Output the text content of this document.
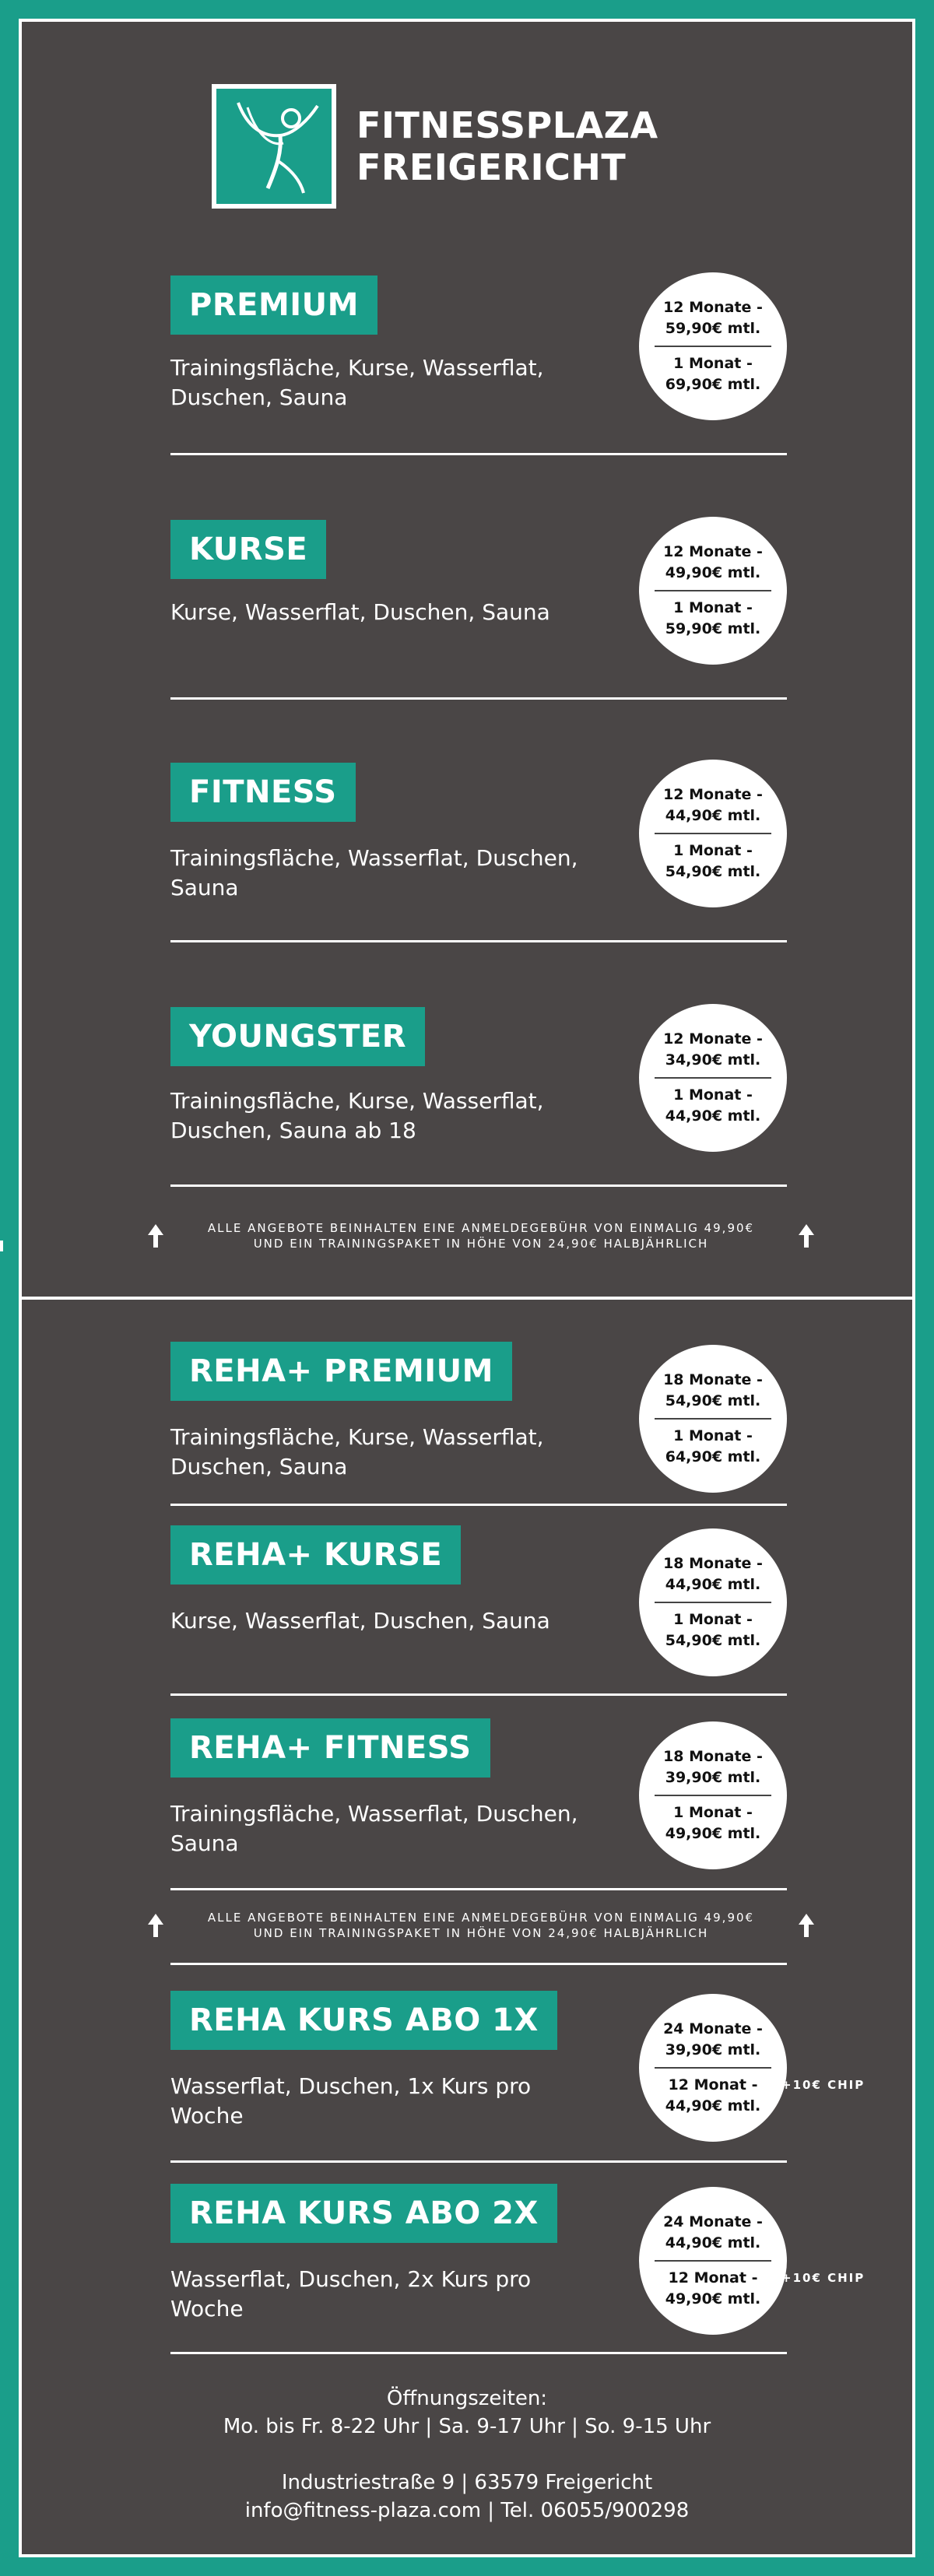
FITNESSPLAZA
FREIGERICHT
PREMIUM
Trainingsfläche, Kurse, Wasserflat, Duschen, Sauna
12 Monate - 59,90€ mtl.
1 Monat - 69,90€ mtl.
KURSE
Kurse, Wasserflat, Duschen, Sauna
12 Monate - 49,90€ mtl.
1 Monat - 59,90€ mtl.
FITNESS
Trainingsfläche, Wasserflat, Duschen, Sauna
12 Monate - 44,90€ mtl.
1 Monat - 54,90€ mtl.
YOUNGSTER
Trainingsfläche, Kurse, Wasserflat, Duschen, Sauna ab 18
12 Monate - 34,90€ mtl.
1 Monat - 44,90€ mtl.
ALLE ANGEBOTE BEINHALTEN EINE ANMELDEGEBÜHR VON EINMALIG 49,90€
UND EIN TRAININGSPAKET IN HÖHE VON 24,90€ HALBJÄHRLICH
REHA+ PREMIUM
Trainingsfläche, Kurse, Wasserflat, Duschen, Sauna
18 Monate - 54,90€ mtl.
1 Monat - 64,90€ mtl.
REHA+ KURSE
Kurse, Wasserflat, Duschen, Sauna
18 Monate - 44,90€ mtl.
1 Monat - 54,90€ mtl.
REHA+ FITNESS
Trainingsfläche, Wasserflat, Duschen, Sauna
18 Monate - 39,90€ mtl.
1 Monat - 49,90€ mtl.
ALLE ANGEBOTE BEINHALTEN EINE ANMELDEGEBÜHR VON EINMALIG 49,90€
UND EIN TRAININGSPAKET IN HÖHE VON 24,90€ HALBJÄHRLICH
REHA KURS ABO 1X
Wasserflat, Duschen, 1x Kurs pro Woche
24 Monate - 39,90€ mtl.
12 Monat - 44,90€ mtl.
+10€ CHIP
REHA KURS ABO 2X
Wasserflat, Duschen, 2x Kurs pro Woche
24 Monate - 44,90€ mtl.
12 Monat - 49,90€ mtl.
+10€ CHIP
Öffnungszeiten:
Mo. bis Fr. 8-22 Uhr | Sa. 9-17 Uhr | So. 9-15 Uhr
Industriestraße 9 | 63579 Freigericht
info@fitness-plaza.com | Tel. 06055/900298
